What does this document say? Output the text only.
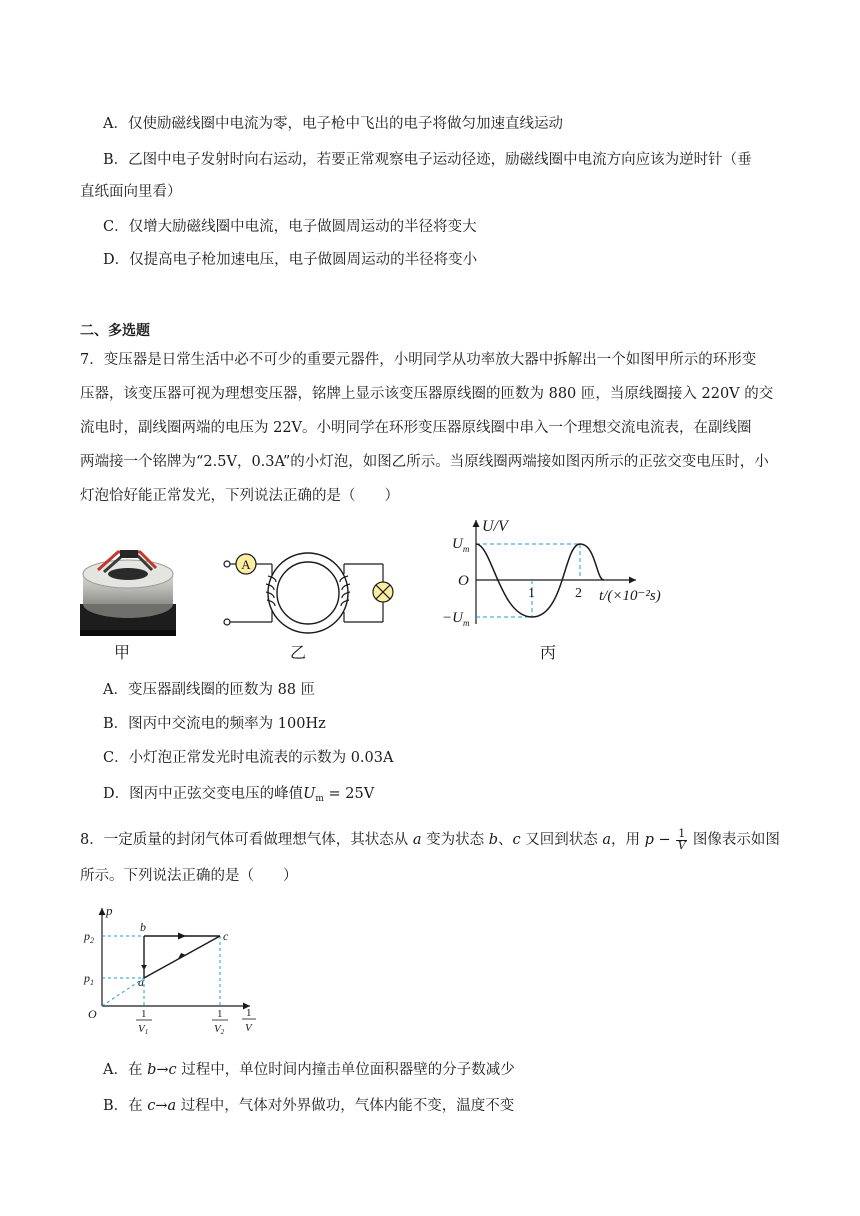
A．仅使励磁线圈中电流为零，电子枪中飞出的电子将做匀加速直线运动
B．乙图中电子发射时向右运动，若要正常观察电子运动径迹，励磁线圈中电流方向应该为逆时针（垂
直纸面向里看）
C．仅增大励磁线圈中电流，电子做圆周运动的半径将变大
D．仅提高电子枪加速电压，电子做圆周运动的半径将变小
二、多选题
7．变压器是日常生活中必不可少的重要元器件，小明同学从功率放大器中拆解出一个如图甲所示的环形变
压器，该变压器可视为理想变压器，铭牌上显示该变压器原线圈的匝数为 880 匝，当原线圈接入 220V 的交
流电时，副线圈两端的电压为 22V。小明同学在环形变压器原线圈中串入一个理想交流电流表，在副线圈
两端接一个铭牌为“2.5V，0.3A”的小灯泡，如图乙所示。当原线圈两端接如图丙所示的正弦交变电压时，小
灯泡恰好能正常发光，下列说法正确的是（　　）
甲
A
乙
U/V
$U_m$
O
$-U_m$
1	2 t/(×10⁻²s)
丙
A．变压器副线圈的匝数为 88 匝
B．图丙中交流电的频率为 100Hz
C．小灯泡正常发光时电流表的示数为 0.03A
D．图丙中正弦交变电压的峰值$U_m = 25V$
8．一定质量的封闭气体可看做理想气体，其状态从 a 变为状态 b、c 又回到状态 a，用 $p - \frac{1}{V}$ 图像表示如图
所示。下列说法正确的是（　　）
p
$p_2$
$p_1$
O
a
b
c
1
V1
1
V2
1
V
A．在 b→c 过程中，单位时间内撞击单位面积器壁的分子数减少
B．在 c→a 过程中，气体对外界做功，气体内能不变，温度不变
